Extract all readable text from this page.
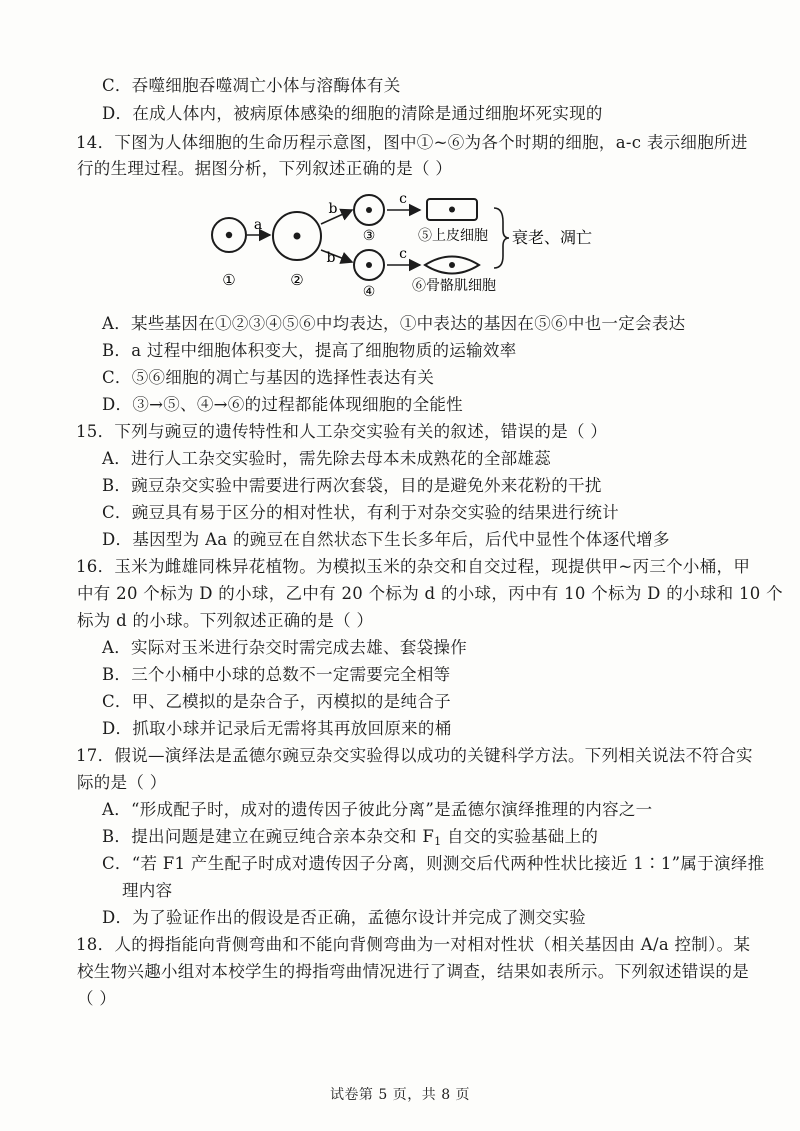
C．吞噬细胞吞噬凋亡小体与溶酶体有关
D．在成人体内，被病原体感染的细胞的清除是通过细胞坏死实现的
14．下图为人体细胞的生命历程示意图，图中①~⑥为各个时期的细胞，a-c 表示细胞所进
行的生理过程。据图分析，下列叙述正确的是（ ）
①
a
②
b
b
③
④
c
c
⑤上皮细胞
⑥骨骼肌细胞
衰老、凋亡
A．某些基因在①②③④⑤⑥中均表达，①中表达的基因在⑤⑥中也一定会表达
B．a 过程中细胞体积变大，提高了细胞物质的运输效率
C．⑤⑥细胞的凋亡与基因的选择性表达有关
D．③→⑤、④→⑥的过程都能体现细胞的全能性
15．下列与豌豆的遗传特性和人工杂交实验有关的叙述，错误的是（ ）
A．进行人工杂交实验时，需先除去母本未成熟花的全部雄蕊
B．豌豆杂交实验中需要进行两次套袋，目的是避免外来花粉的干扰
C．豌豆具有易于区分的相对性状，有利于对杂交实验的结果进行统计
D．基因型为 Aa 的豌豆在自然状态下生长多年后，后代中显性个体逐代增多
16．玉米为雌雄同株异花植物。为模拟玉米的杂交和自交过程，现提供甲~丙三个小桶，甲
中有 20 个标为 D 的小球，乙中有 20 个标为 d 的小球，丙中有 10 个标为 D 的小球和 10 个
标为 d 的小球。下列叙述正确的是（ ）
A．实际对玉米进行杂交时需完成去雄、套袋操作
B．三个小桶中小球的总数不一定需要完全相等
C．甲、乙模拟的是杂合子，丙模拟的是纯合子
D．抓取小球并记录后无需将其再放回原来的桶
17．假说—演绎法是孟德尔豌豆杂交实验得以成功的关键科学方法。下列相关说法不符合实
际的是（ ）
A．“形成配子时，成对的遗传因子彼此分离”是孟德尔演绎推理的内容之一
B．提出问题是建立在豌豆纯合亲本杂交和 $F_1$ 自交的实验基础上的
C．“若 F1 产生配子时成对遗传因子分离，则测交后代两种性状比接近 1∶1”属于演绎推
理内容
D．为了验证作出的假设是否正确，孟德尔设计并完成了测交实验
18．人的拇指能向背侧弯曲和不能向背侧弯曲为一对相对性状（相关基因由 A/a 控制）。某
校生物兴趣小组对本校学生的拇指弯曲情况进行了调查，结果如表所示。下列叙述错误的是
（ ）
试卷第 5 页，共 8 页
